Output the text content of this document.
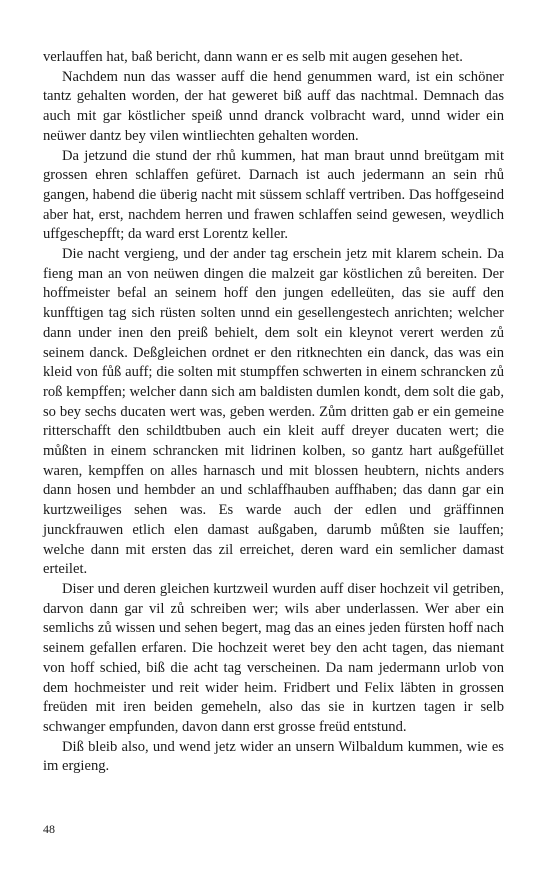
verlauffen hat, baß bericht, dann wann er es selb mit augen gesehen het.

Nachdem nun das wasser auff die hend genummen ward, ist ein schöner tantz gehalten worden, der hat geweret biß auff das nachtmal. Demnach das auch mit gar köstlicher speiß unnd dranck volbracht ward, unnd wider ein neüwer dantz bey vilen wintliechten gehalten worden.

Da jetzund die stund der rhů kummen, hat man braut unnd breütgam mit grossen ehren schlaffen gefüret. Darnach ist auch jedermann an sein rhů gangen, habend die überig nacht mit süssem schlaff vertriben. Das hoffgeseind aber hat, erst, nachdem herren und frawen schlaffen seind gewesen, weydlich uffgeschepfft; da ward erst Lorentz keller.

Die nacht vergieng, und der ander tag erschein jetz mit klarem schein. Da fieng man an von neüwen dingen die malzeit gar köstlichen zů bereiten. Der hoffmeister befal an seinem hoff den jungen edelleüten, das sie auff den kunfftigen tag sich rüsten solten unnd ein gesellengestech anrichten; welcher dann under inen den preiß behielt, dem solt ein kleynot verert werden zů seinem danck. Deßgleichen ordnet er den ritknechten ein danck, das was ein kleid von fůß auff; die solten mit stumpffen schwerten in einem schrancken zů roß kempffen; welcher dann sich am baldisten dumlen kondt, dem solt die gab, so bey sechs ducaten wert was, geben werden. Zům dritten gab er ein gemeine ritterschafft den schildtbuben auch ein kleit auff dreyer ducaten wert; die můßten in einem schrancken mit lidrinen kolben, so gantz hart außgefüllet waren, kempffen on alles harnasch und mit blossen heubtern, nichts anders dann hosen und hembder an und schlaffhauben auffhaben; das dann gar ein kurtzweiliges sehen was. Es warde auch der edlen und gräffinnen junckfrauwen etlich elen damast außgaben, darumb můßten sie lauffen; welche dann mit ersten das zil erreichet, deren ward ein semlicher damast erteilet.

Diser und deren gleichen kurtzweil wurden auff diser hochzeit vil getriben, darvon dann gar vil zů schreiben wer; wils aber underlassen. Wer aber ein semlichs zů wissen und sehen begert, mag das an eines jeden fürsten hoff nach seinem gefallen erfaren. Die hochzeit weret bey den acht tagen, das niemant von hoff schied, biß die acht tag verscheinen. Da nam jedermann urlob von dem hochmeister und reit wider heim. Fridbert und Felix läbten in grossen freüden mit iren beiden gemeheln, also das sie in kurtzen tagen ir selb schwanger empfunden, davon dann erst grosse freüd entstund.

Diß bleib also, und wend jetz wider an unsern Wilbaldum kummen, wie es im ergieng.

48
